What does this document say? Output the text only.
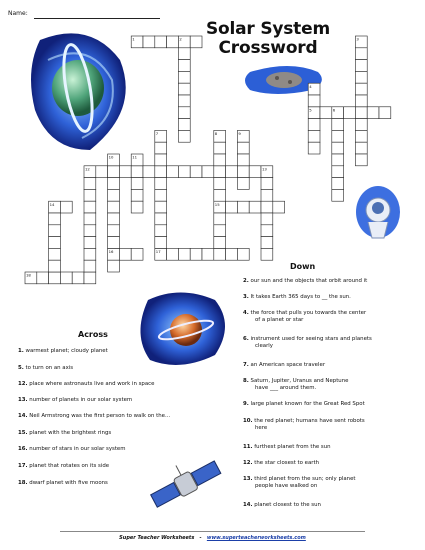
Name:
Solar System
Crossword
1	2	3
4
5	6
7	8	9
10	11
12	13
14	15
16	17
18
Across
1. warmest planet; cloudy planet
5. to turn on an axis
12. place where astronauts live and work in space
13. number of planets in our solar system
14. Neil Armstrong was the first person to walk on the...
15. planet with the brightest rings
16. number of stars in our solar system
17. planet that rotates on its side
18. dwarf planet with five moons
Down
2. our sun and the objects that orbit around it
3. It takes Earth 365 days to __ the sun.
4. the force that pulls you towards the center
of a planet or star
6. instrument used for seeing stars and planets
clearly
7. an American space traveler
8. Saturn, Jupiter, Uranus and Neptune
have ___ around them.
9. large planet known for the Great Red Spot
10. the red planet; humans have sent robots
here
11. furthest planet from the sun
12. the star closest to earth
13. third planet from the sun; only planet
people have walked on
14. planet closest to the sun
Super Teacher Worksheets - www.superteacherworksheets.com
